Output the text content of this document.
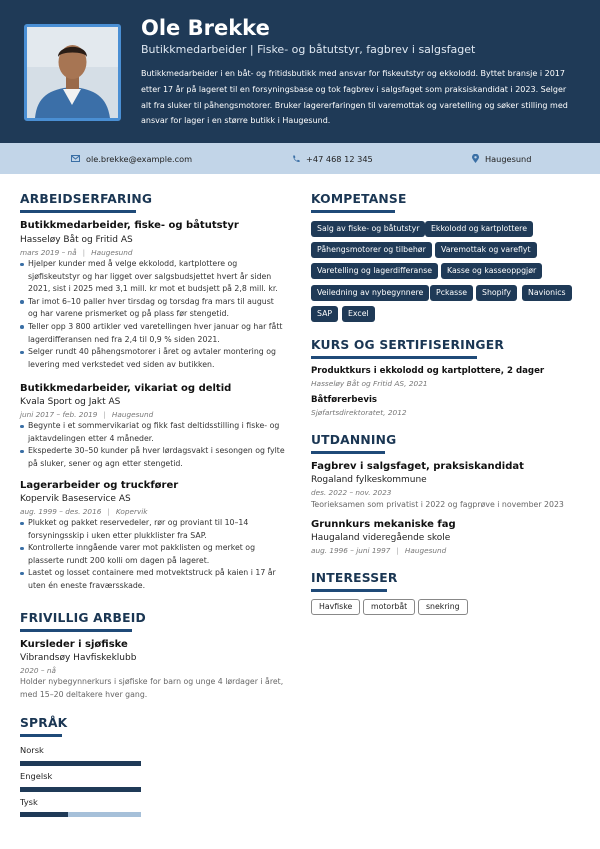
Ole Brekke
Butikkmedarbeider | Fiske- og båtutstyr, fagbrev i salgsfaget
Butikkmedarbeider i en båt- og fritidsbutikk med ansvar for fiskeutstyr og ekkolodd. Byttet bransje i 2017
etter 17 år på lageret til en forsyningsbase og tok fagbrev i salgsfaget som praksiskandidat i 2023. Selger
alt fra sluker til påhengsmotorer. Bruker lagererfaringen til varemottak og varetelling og søker stilling med
ansvar for lager i en større butikk i Haugesund.
ole.brekke@example.com	+47 468 12 345	Haugesund
ARBEIDSERFARING
Butikkmedarbeider, fiske- og båtutstyr
Hasseløy Båt og Fritid AS
mars 2019 – nå | Haugesund
Hjelper kunder med å velge ekkolodd, kartplottere og
sjøfiskeutstyr og har ligget over salgsbudsjettet hvert år siden
2021, sist i 2025 med 3,1 mill. kr mot et budsjett på 2,8 mill. kr.
Tar imot 6–10 paller hver tirsdag og torsdag fra mars til august
og har varene prismerket og på plass før stengetid.
Teller opp 3 800 artikler ved varetellingen hver januar og har fått
lagerdifferansen ned fra 2,4 til 0,9 % siden 2021.
Selger rundt 40 påhengsmotorer i året og avtaler montering og
levering med verkstedet ved siden av butikken.
Butikkmedarbeider, vikariat og deltid
Kvala Sport og Jakt AS
juni 2017 – feb. 2019 | Haugesund
Begynte i et sommervikariat og fikk fast deltidsstilling i fiske- og
jaktavdelingen etter 4 måneder.
Ekspederte 30–50 kunder på hver lørdagsvakt i sesongen og fylte
på sluker, sener og agn etter stengetid.
Lagerarbeider og truckfører
Kopervik Baseservice AS
aug. 1999 – des. 2016 | Kopervik
Plukket og pakket reservedeler, rør og proviant til 10–14
forsyningsskip i uken etter plukklister fra SAP.
Kontrollerte inngående varer mot pakklisten og merket og
plasserte rundt 200 kolli om dagen på lageret.
Lastet og losset containere med motvektstruck på kaien i 17 år
uten én eneste fraværsskade.
FRIVILLIG ARBEID
Kursleder i sjøfiske
Vibrandsøy Havfiskeklubb
2020 – nå
Holder nybegynnerkurs i sjøfiske for barn og unge 4 lørdager i året,
med 15–20 deltakere hver gang.
SPRÅK
Norsk
Engelsk
Tysk
KOMPETANSE
Salg av fiske- og båtutstyr	Ekkolodd og kartplottere
Påhengsmotorer og tilbehør	Varemottak og vareflyt
Varetelling og lagerdifferanse	Kasse og kasseoppgjør
Veiledning av nybegynnere	Pckasse	Shopify	Navionics
SAP	Excel
KURS OG SERTIFISERINGER
Produktkurs i ekkolodd og kartplottere, 2 dager
Hasseløy Båt og Fritid AS, 2021
Båtførerbevis
Sjøfartsdirektoratet, 2012
UTDANNING
Fagbrev i salgsfaget, praksiskandidat
Rogaland fylkeskommune
des. 2022 – nov. 2023
Teorieksamen som privatist i 2022 og fagprøve i november 2023
Grunnkurs mekaniske fag
Haugaland videregående skole
aug. 1996 – juni 1997 | Haugesund
INTERESSER
Havfiske	motorbåt	snekring
